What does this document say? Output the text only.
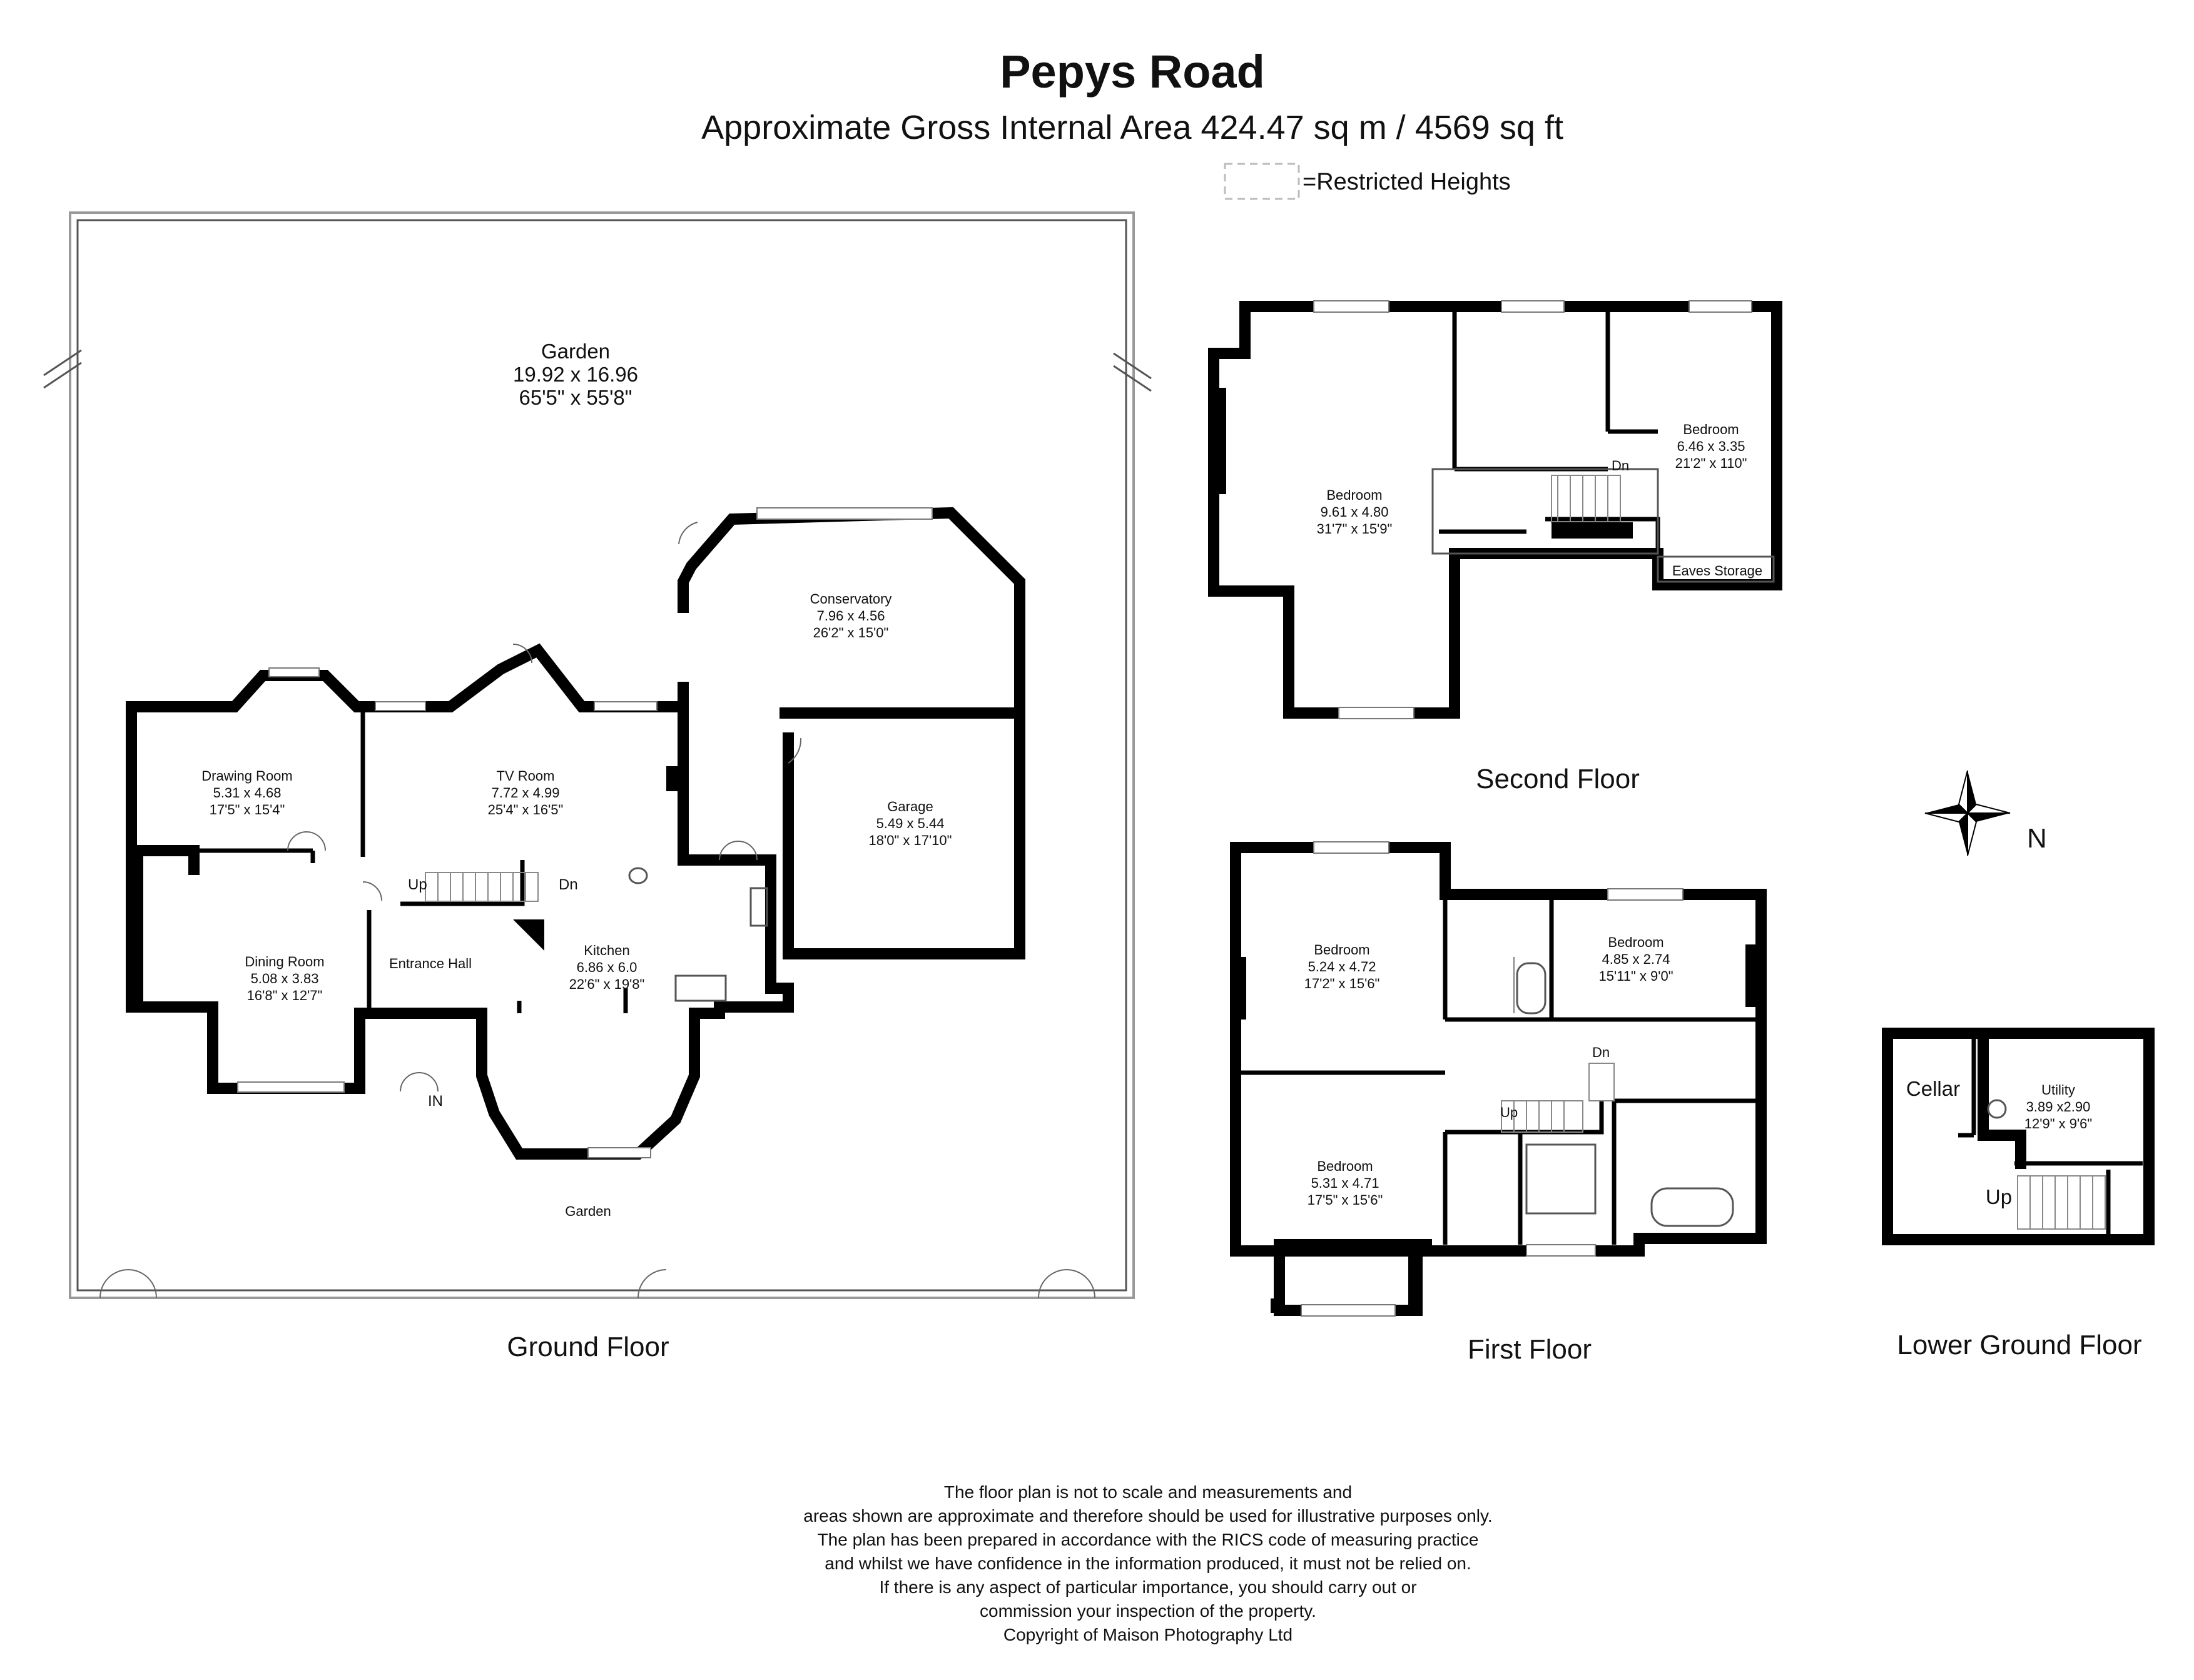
Pepys Road
Approximate Gross Internal Area 424.47 sq m / 4569 sq ft
=Restricted Heights
Garden
19.92 x 16.96
65'5" x 55'8"
Garden
Conservatory
7.96 x 4.56
26'2" x 15'0"
Garage
5.49 x 5.44
18'0" x 17'10"
Up	Dn
IN
Drawing Room
5.31 x 4.68
17'5" x 15'4"
TV Room
7.72 x 4.99
25'4" x 16'5"
Dining Room
5.08 x 3.83
16'8" x 12'7"
Entrance Hall
Kitchen
6.86 x 6.0
22'6" x 19'8"
Ground Floor
Eaves Storage
Dn
Bedroom
9.61 x 4.80
31'7" x 15'9"
Bedroom
6.46 x 3.35
21'2" x 110"
Second Floor
N
Up
Dn
Bedroom
5.24 x 4.72
17'2" x 15'6"
Bedroom
4.85 x 2.74
15'11" x 9'0"
Bedroom
5.31 x 4.71
17'5" x 15'6"
First Floor
Cellar	Utility
3.89 x2.90
12'9" x 9'6"
Up
Lower Ground Floor
The floor plan is not to scale and measurements and
areas shown are approximate and therefore should be used for illustrative purposes only.
The plan has been prepared in accordance with the RICS code of measuring practice
and whilst we have confidence in the information produced, it must not be relied on.
If there is any aspect of particular importance, you should carry out or
commission your inspection of the property.
Copyright of Maison Photography Ltd
